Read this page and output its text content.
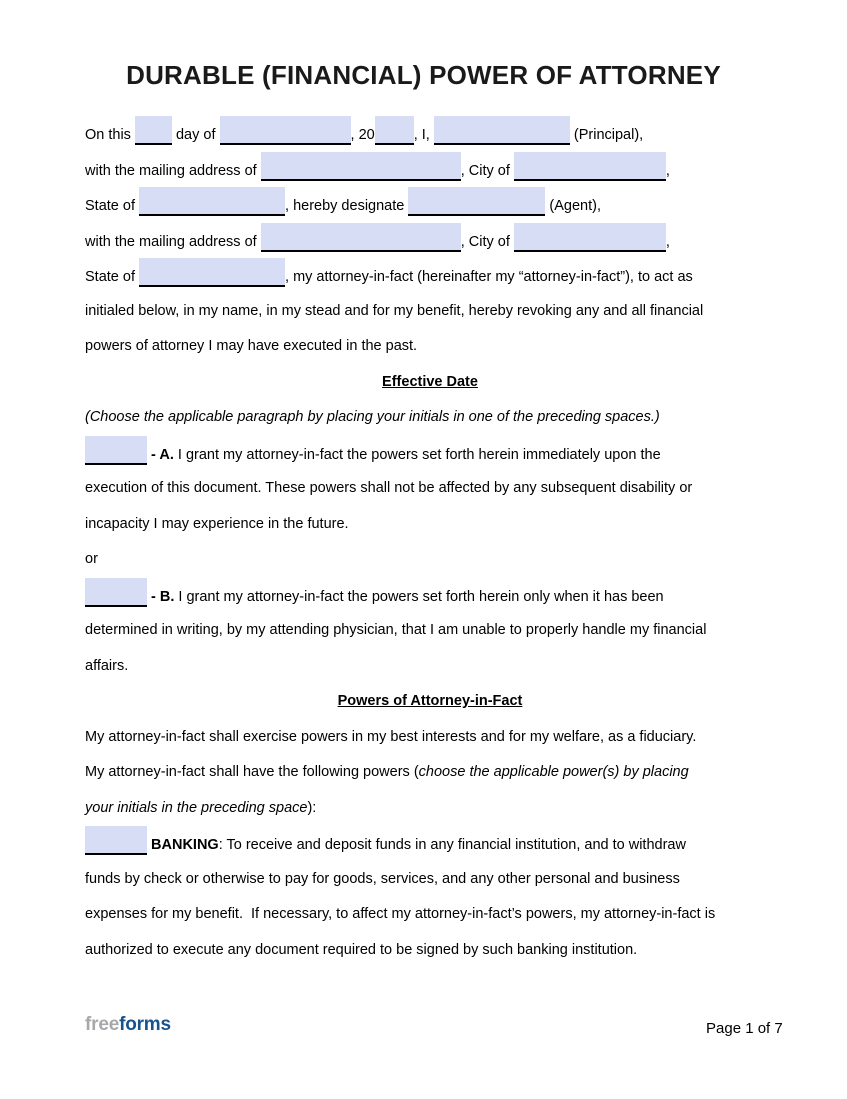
DURABLE (FINANCIAL) POWER OF ATTORNEY
On this	day of	, 20	, I,	(Principal),
with the mailing address of	, City of	,
State of	, hereby designate	(Agent),
with the mailing address of	, City of	,
State of	, my attorney-in-fact (hereinafter my “attorney-in-fact”), to act as
initialed below, in my name, in my stead and for my benefit, hereby revoking any and all financial
powers of attorney I may have executed in the past.
Effective Date
(Choose the applicable paragraph by placing your initials in one of the preceding spaces.)
- A. I grant my attorney-in-fact the powers set forth herein immediately upon the
execution of this document. These powers shall not be affected by any subsequent disability or
incapacity I may experience in the future.
or
- B. I grant my attorney-in-fact the powers set forth herein only when it has been
determined in writing, by my attending physician, that I am unable to properly handle my financial
affairs.
Powers of Attorney-in-Fact
My attorney-in-fact shall exercise powers in my best interests and for my welfare, as a fiduciary.
My attorney-in-fact shall have the following powers (choose the applicable power(s) by placing
your initials in the preceding space):
BANKING: To receive and deposit funds in any financial institution, and to withdraw
funds by check or otherwise to pay for goods, services, and any other personal and business
expenses for my benefit.  If necessary, to affect my attorney-in-fact’s powers, my attorney-in-fact is
authorized to execute any document required to be signed by such banking institution.
freeforms	Page 1 of 7
